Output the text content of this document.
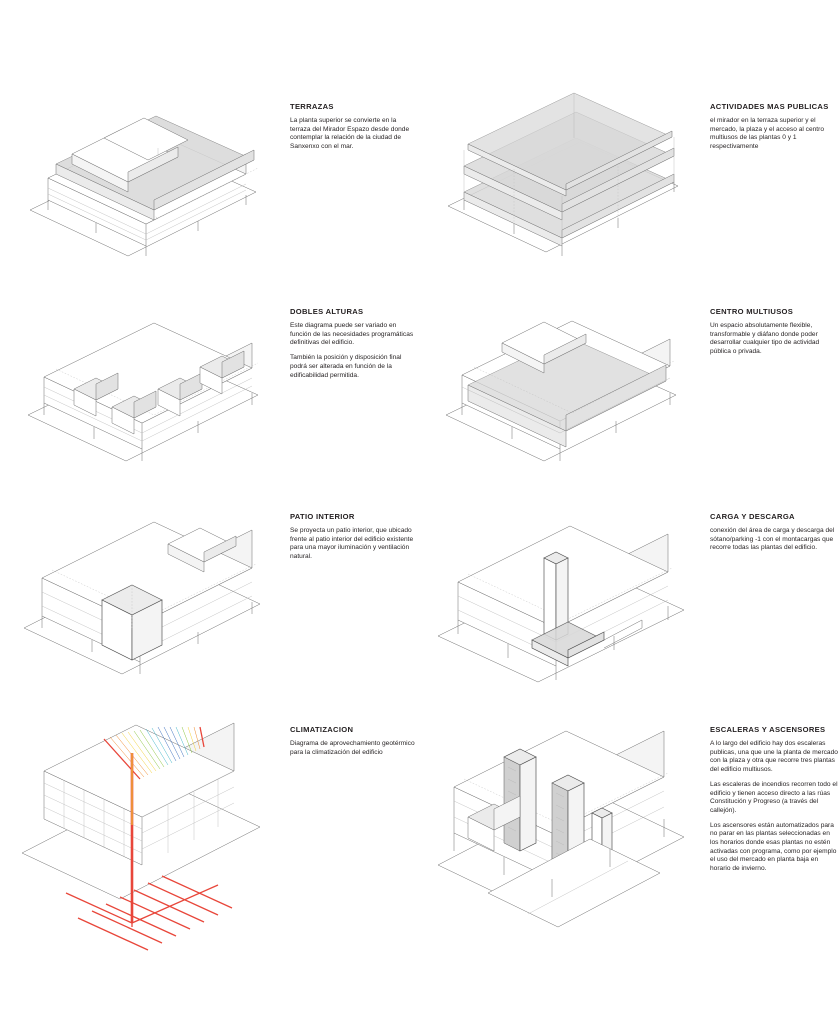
TERRAZAS

La planta superior se convierte en la terraza del Mirador Espazo desde donde contemplar la relación de la ciudad de Sanxenxo con el mar.

ACTIVIDADES MAS PUBLICAS

el mirador en la terraza superior y el mercado, la plaza y el acceso al centro multiusos de las plantas 0 y 1 respectivamente

DOBLES ALTURAS

Este diagrama puede ser variado en función de las necesidades programáticas definitivas del edificio.

También la posición y disposición final podrá ser alterada en función de la edificabilidad permitida.

CENTRO MULTIUSOS

Un espacio absolutamente flexible, transformable y diáfano donde poder desarrollar cualquier tipo de actividad pública o privada.

PATIO INTERIOR

Se proyecta un patio interior, que ubicado frente al patio interior del edificio existente para una mayor iluminación y ventilación natural.

CARGA Y DESCARGA

conexión del área de carga y descarga del sótano/parking -1 con el montacargas que recorre todas las plantas del edificio.

CLIMATIZACION

Diagrama de aprovechamiento geotérmico para la climatización del edificio

ESCALERAS Y ASCENSORES

A lo largo del edificio hay dos escaleras publicas, una que une la planta de mercado con la plaza y otra que recorre tres plantas del edificio multiusos.

Las escaleras de incendios recorren todo el edificio y tienen acceso directo a las rúas Constitución y Progreso (a través del callejón).

Los ascensores están automatizados para no parar en las plantas seleccionadas en los horarios donde esas plantas no estén activadas con programa, como por ejemplo el uso del mercado en planta baja en horario de invierno.
